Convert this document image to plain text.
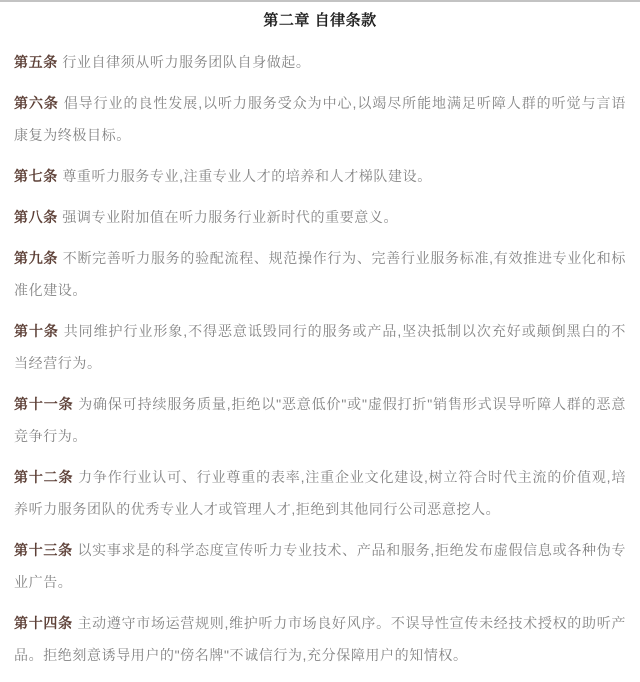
第二章 自律条款

第五条 行业自律须从听力服务团队自身做起。

第六条 倡导行业的良性发展,以听力服务受众为中心,以竭尽所能地满足听障人群的听觉与言语康复为终极目标。

第七条 尊重听力服务专业,注重专业人才的培养和人才梯队建设。

第八条 强调专业附加值在听力服务行业新时代的重要意义。

第九条 不断完善听力服务的验配流程、规范操作行为、完善行业服务标准,有效推进专业化和标准化建设。

第十条 共同维护行业形象,不得恶意诋毁同行的服务或产品,坚决抵制以次充好或颠倒黑白的不当经营行为。

第十一条 为确保可持续服务质量,拒绝以"恶意低价"或"虚假打折"销售形式误导听障人群的恶意竞争行为。

第十二条 力争作行业认可、行业尊重的表率,注重企业文化建设,树立符合时代主流的价值观,培养听力服务团队的优秀专业人才或管理人才,拒绝到其他同行公司恶意挖人。

第十三条 以实事求是的科学态度宣传听力专业技术、产品和服务,拒绝发布虚假信息或各种伪专业广告。

第十四条 主动遵守市场运营规则,维护听力市场良好风序。不误导性宣传未经技术授权的助听产品。拒绝刻意诱导用户的"傍名牌"不诚信行为,充分保障用户的知情权。
